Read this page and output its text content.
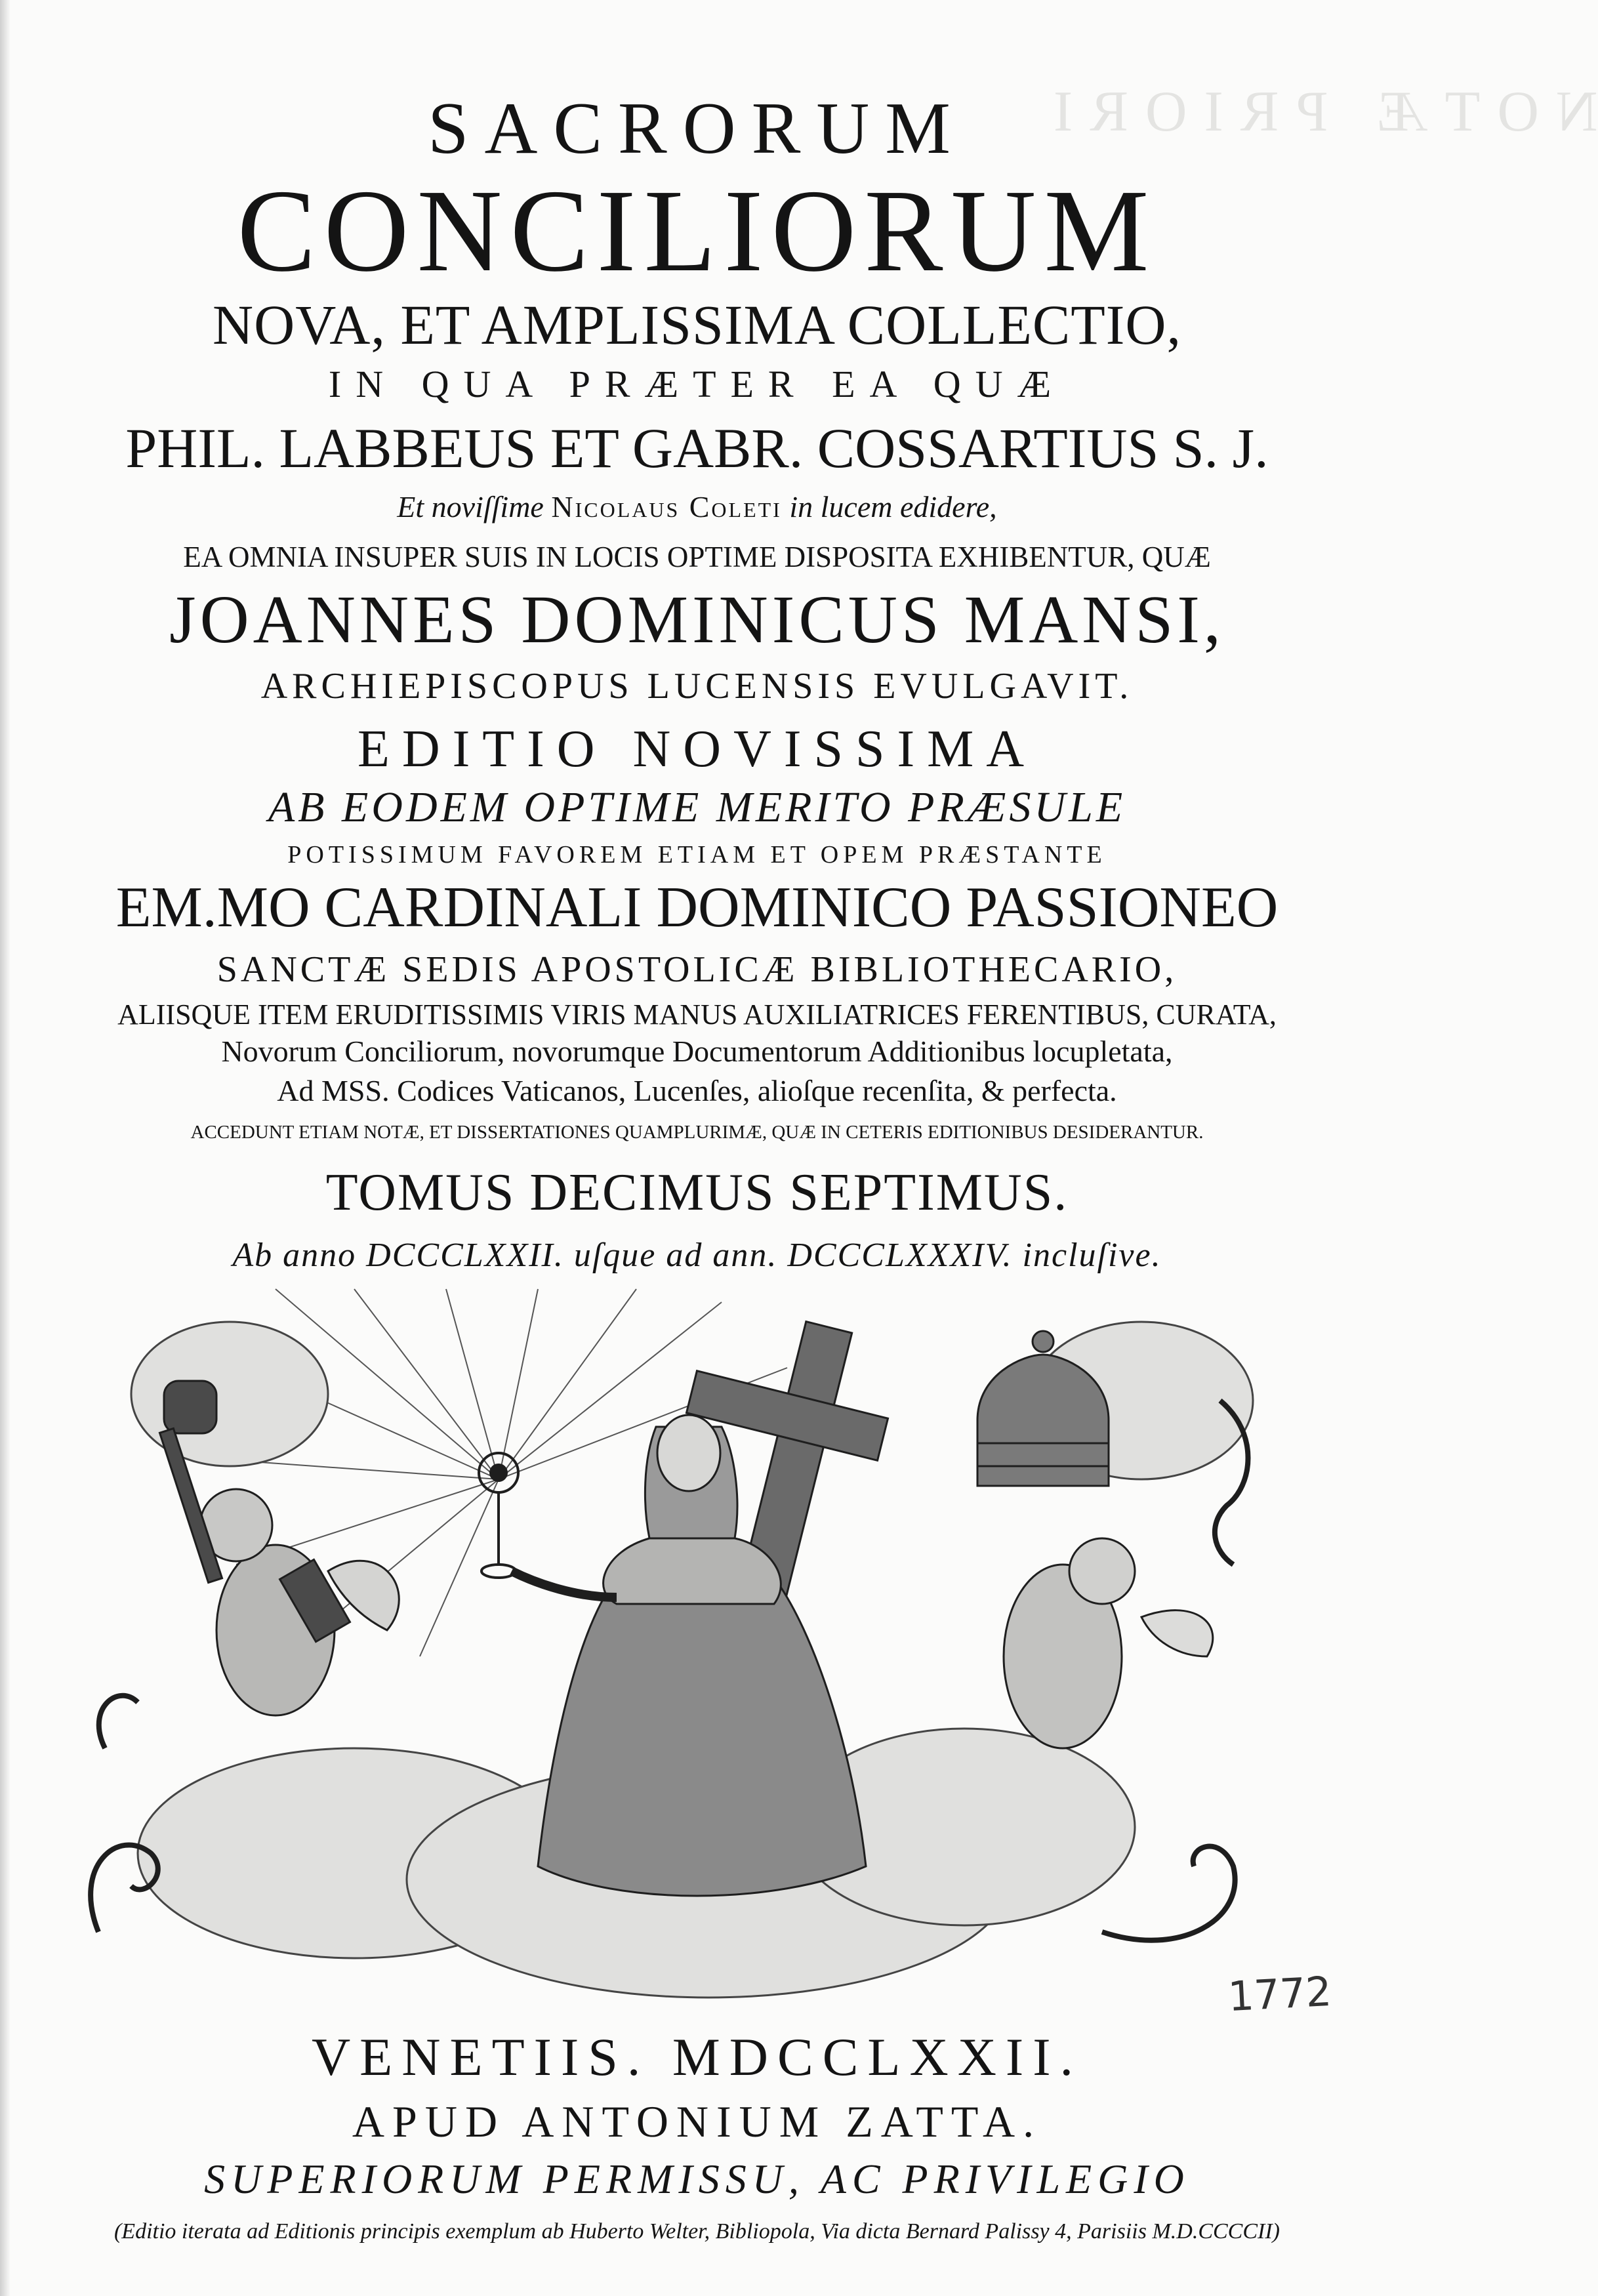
NOTÆ PRIORI
SACRORUM
CONCILIORUM
NOVA, ET AMPLISSIMA COLLECTIO,
IN QUA PRÆTER EA QUÆ
PHIL. LABBEUS ET GABR. COSSARTIUS S. J.
Et noviſſime Nicolaus Coleti in lucem edidere,
EA OMNIA INSUPER SUIS IN LOCIS OPTIME DISPOSITA EXHIBENTUR, QUÆ
JOANNES DOMINICUS MANSI,
ARCHIEPISCOPUS LUCENSIS EVULGAVIT.
EDITIO NOVISSIMA
AB EODEM OPTIME MERITO PRÆSULE
POTISSIMUM FAVOREM ETIAM ET OPEM PRÆSTANTE
EM.MO CARDINALI DOMINICO PASSIONEO
SANCTÆ SEDIS APOSTOLICÆ BIBLIOTHECARIO,
ALIISQUE ITEM ERUDITISSIMIS VIRIS MANUS AUXILIATRICES FERENTIBUS, CURATA,
Novorum Conciliorum, novorumque Documentorum Additionibus locupletata,
Ad MSS. Codices Vaticanos, Lucenſes, alioſque recenſita, & perfecta.
ACCEDUNT ETIAM NOTÆ, ET DISSERTATIONES QUAMPLURIMÆ, QUÆ IN CETERIS EDITIONIBUS DESIDERANTUR.
TOMUS DECIMUS SEPTIMUS.
Ab anno DCCCLXXII. uſque ad ann. DCCCLXXXIV. incluſive.
1772
VENETIIS. MDCCLXXII.
APUD ANTONIUM ZATTA.
SUPERIORUM PERMISSU, AC PRIVILEGIO
(Editio iterata ad Editionis principis exemplum ab Huberto Welter, Bibliopola, Via dicta Bernard Palissy 4, Parisiis M.D.CCCCII)
